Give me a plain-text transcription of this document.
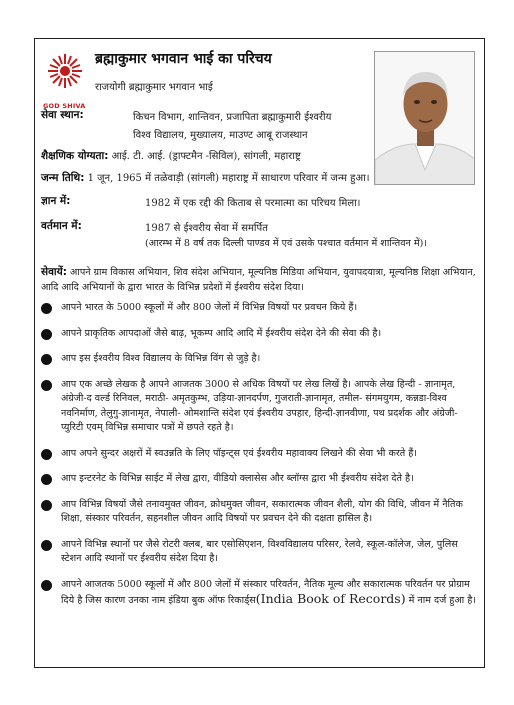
GOD SHIVA
ब्रह्माकुमार भगवान भाई का परिचय
राजयोगी ब्रह्माकुमार भगवान भाई
सेवा स्थान:	किचन विभाग, शान्तिवन, प्रजापिता ब्रह्माकुमारी ईश्वरीय
विश्व विद्यालय, मुख्यालय, माउण्ट आबू राजस्थान
शैक्षणिक योग्यता: आई. टी. आई. (ड्राफ्टमैन -सिविल), सांगली, महाराष्ट्र
जन्म तिथि: 1 जून, 1965 में तळेवाड़ी (सांगली) महाराष्ट्र में साधारण परिवार में जन्म हुआ।
ज्ञान में:	1982 में एक रद्दी की किताब से परमात्मा का परिचय मिला।
वर्तमान में:	1987 से ईश्वरीय सेवा में समर्पित
(आरम्भ में 8 वर्ष तक दिल्ली पाण्डव में एवं उसके पश्चात वर्तमान में शान्तिवन में)।
सेवायें: आपने ग्राम विकास अभियान, शिव संदेश अभियान, मूल्यनिष्ठ मिडिया अभियान, युवापदयात्रा, मूल्यनिष्ठ शिक्षा अभियान, आदि आदि अभियानों के द्वारा भारत के विभिन्न प्रदेशों में ईश्वरीय संदेश दिया।
आपने भारत के 5000 स्कूलों में और 800 जेलों में विभिन्न विषयों पर प्रवचन किये हैं।
आपने प्राकृतिक आपदाओं जैसे बाढ़, भूकम्प आदि आदि में ईश्वरीय संदेश देने की सेवा की है।
आप इस ईश्वरीय विश्व विद्यालय के विभिन्न विंग से जुड़े है।
आप एक अच्छे लेखक है आपने आजतक 3000 से अधिक विषयों पर लेख लिखें है। आपके लेख हिन्दी - ज्ञानामृत, अंग्रेजी-द वर्ल्ड रिनिवल, मराठी- अमृतकुम्भ, उड़िया-ज्ञानदर्पण, गुजराती-ज्ञानामृत, तमील- संगमयुगम, कन्नडा-विश्व नवनिर्माण, तेलुगु-ज्ञानामृत, नेपाली- ओमशान्ति संदेश एवं ईश्वरीय उपहार, हिन्दी-ज्ञानवीणा, पथ प्रदर्शक और अंग्रेजी-प्युरिटी एवम् विभिन्न समाचार पत्रों में छपते रहते है।
आप अपने सुन्दर अक्षरों में स्वउन्नति के लिए पॉइन्ट्स एवं ईश्वरीय महावाक्य लिखने की सेवा भी करते हैं।
आप इन्टरनेट के विभिन्न साईट में लेख द्वारा, वीडियो क्लासेस और ब्लॉग्स द्वारा भी ईश्वरीय संदेश देते है।
आप विभिन्न विषयों जैसे तनावमुक्त जीवन, क्रोधमुक्त जीवन, सकारात्मक जीवन शैली, योग की विधि, जीवन में नैतिक शिक्षा, संस्कार परिवर्तन, सहनशील जीवन आदि विषयों पर प्रवचन देने की दक्षता हासिल है।
आपने विभिन्न स्थानों पर जैसे रोटरी क्लब, बार एसोसिएशन, विश्वविद्यालय परिसर, रेलवे, स्कूल-कॉलेज, जेल, पुलिस स्टेशन आदि स्थानों पर ईश्वरीय संदेश दिया है।
आपने आजतक 5000 स्कूलों में और 800 जेलों में संस्कार परिवर्तन, नैतिक मूल्य और सकारात्मक परिवर्तन पर प्रोग्राम दिये है जिस कारण उनका नाम इंडिया बुक ऑफ रिकार्ड्स(India Book of Records) में नाम दर्ज हुआ है।
